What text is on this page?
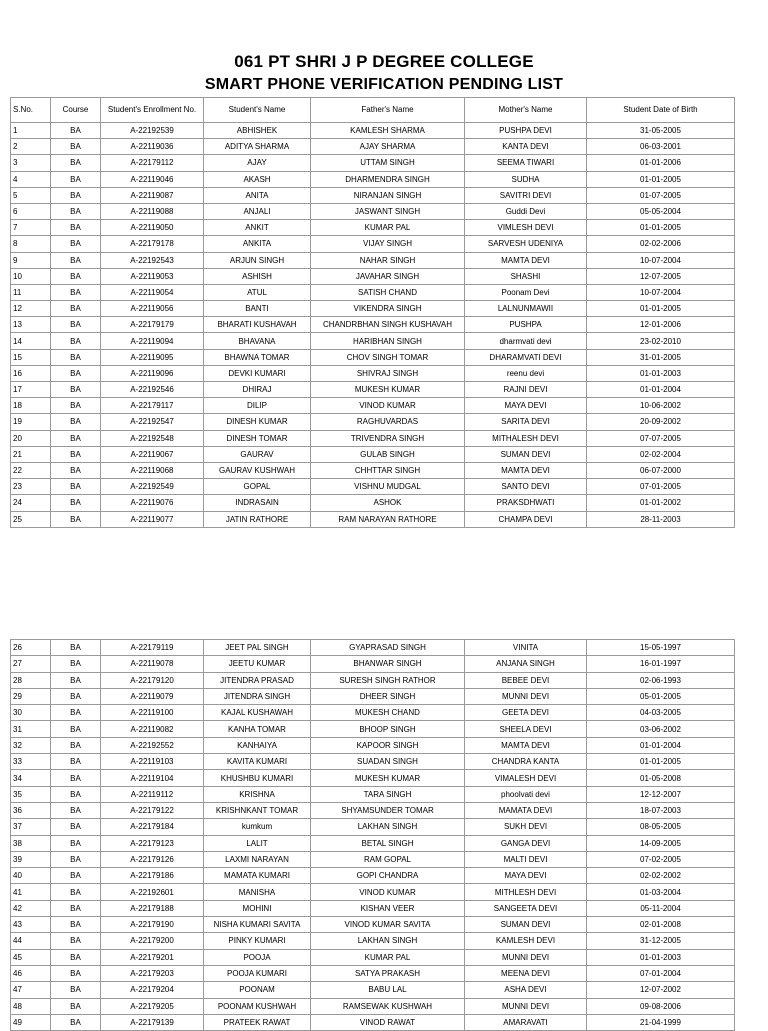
061 PT SHRI J P DEGREE COLLEGE
SMART PHONE VERIFICATION PENDING LIST
S.No.	Course	Student's Enrollment No.	Student's Name	Father's Name	Mother's Name	Student Date of Birth
1	BA	A-22192539	ABHISHEK	KAMLESH SHARMA	PUSHPA DEVI	31-05-2005
2	BA	A-22119036	ADITYA SHARMA	AJAY SHARMA	KANTA DEVI	06-03-2001
3	BA	A-22179112	AJAY	UTTAM SINGH	SEEMA TIWARI	01-01-2006
4	BA	A-22119046	AKASH	DHARMENDRA SINGH	SUDHA	01-01-2005
5	BA	A-22119087	ANITA	NIRANJAN SINGH	SAVITRI DEVI	01-07-2005
6	BA	A-22119088	ANJALI	JASWANT SINGH	Guddi Devi	05-05-2004
7	BA	A-22119050	ANKIT	KUMAR PAL	VIMLESH DEVI	01-01-2005
8	BA	A-22179178	ANKITA	VIJAY SINGH	SARVESH UDENIYA	02-02-2006
9	BA	A-22192543	ARJUN SINGH	NAHAR SINGH	MAMTA DEVI	10-07-2004
10	BA	A-22119053	ASHISH	JAVAHAR SINGH	SHASHI	12-07-2005
11	BA	A-22119054	ATUL	SATISH CHAND	Poonam Devi	10-07-2004
12	BA	A-22119056	BANTI	VIKENDRA SINGH	LALNUNMAWII	01-01-2005
13	BA	A-22179179	BHARATI KUSHAVAH	CHANDRBHAN SINGH KUSHAVAH	PUSHPA	12-01-2006
14	BA	A-22119094	BHAVANA	HARIBHAN SINGH	dharmvati devi	23-02-2010
15	BA	A-22119095	BHAWNA TOMAR	CHOV SINGH TOMAR	DHARAMVATI DEVI	31-01-2005
16	BA	A-22119096	DEVKI KUMARI	SHIVRAJ SINGH	reenu devi	01-01-2003
17	BA	A-22192546	DHIRAJ	MUKESH KUMAR	RAJNI DEVI	01-01-2004
18	BA	A-22179117	DILIP	VINOD KUMAR	MAYA DEVI	10-06-2002
19	BA	A-22192547	DINESH KUMAR	RAGHUVARDAS	SARITA DEVI	20-09-2002
20	BA	A-22192548	DINESH TOMAR	TRIVENDRA SINGH	MITHALESH DEVI	07-07-2005
21	BA	A-22119067	GAURAV	GULAB SINGH	SUMAN DEVI	02-02-2004
22	BA	A-22119068	GAURAV KUSHWAH	CHHTTAR SINGH	MAMTA DEVI	06-07-2000
23	BA	A-22192549	GOPAL	VISHNU MUDGAL	SANTO DEVI	07-01-2005
24	BA	A-22119076	INDRASAIN	ASHOK	PRAKSDHWATI	01-01-2002
25	BA	A-22119077	JATIN RATHORE	RAM NARAYAN RATHORE	CHAMPA DEVI	28-11-2003
26	BA	A-22179119	JEET PAL SINGH	GYAPRASAD SINGH	VINITA	15-05-1997
27	BA	A-22119078	JEETU KUMAR	BHANWAR SINGH	ANJANA SINGH	16-01-1997
28	BA	A-22179120	JITENDRA PRASAD	SURESH SINGH RATHOR	BEBEE DEVI	02-06-1993
29	BA	A-22119079	JITENDRA SINGH	DHEER SINGH	MUNNI DEVI	05-01-2005
30	BA	A-22119100	KAJAL KUSHAWAH	MUKESH CHAND	GEETA DEVI	04-03-2005
31	BA	A-22119082	KANHA TOMAR	BHOOP SINGH	SHEELA DEVI	03-06-2002
32	BA	A-22192552	KANHAIYA	KAPOOR SINGH	MAMTA DEVI	01-01-2004
33	BA	A-22119103	KAVITA KUMARI	SUADAN SINGH	CHANDRA KANTA	01-01-2005
34	BA	A-22119104	KHUSHBU KUMARI	MUKESH KUMAR	VIMALESH DEVI	01-05-2008
35	BA	A-22119112	KRISHNA	TARA SINGH	phoolvati devi	12-12-2007
36	BA	A-22179122	KRISHNKANT TOMAR	SHYAMSUNDER TOMAR	MAMATA DEVI	18-07-2003
37	BA	A-22179184	kumkum	LAKHAN SINGH	SUKH DEVI	08-05-2005
38	BA	A-22179123	LALIT	BETAL SINGH	GANGA DEVI	14-09-2005
39	BA	A-22179126	LAXMI NARAYAN	RAM GOPAL	MALTI DEVI	07-02-2005
40	BA	A-22179186	MAMATA KUMARI	GOPI CHANDRA	MAYA DEVI	02-02-2002
41	BA	A-22192601	MANISHA	VINOD KUMAR	MITHLESH DEVI	01-03-2004
42	BA	A-22179188	MOHINI	KISHAN VEER	SANGEETA DEVI	05-11-2004
43	BA	A-22179190	NISHA KUMARI SAVITA	VINOD KUMAR SAVITA	SUMAN DEVI	02-01-2008
44	BA	A-22179200	PINKY KUMARI	LAKHAN SINGH	KAMLESH DEVI	31-12-2005
45	BA	A-22179201	POOJA	KUMAR PAL	MUNNI DEVI	01-01-2003
46	BA	A-22179203	POOJA KUMARI	SATYA PRAKASH	MEENA DEVI	07-01-2004
47	BA	A-22179204	POONAM	BABU LAL	ASHA DEVI	12-07-2002
48	BA	A-22179205	POONAM KUSHWAH	RAMSEWAK KUSHWAH	MUNNI DEVI	09-08-2006
49	BA	A-22179139	PRATEEK RAWAT	VINOD RAWAT	AMARAVATI	21-04-1999
